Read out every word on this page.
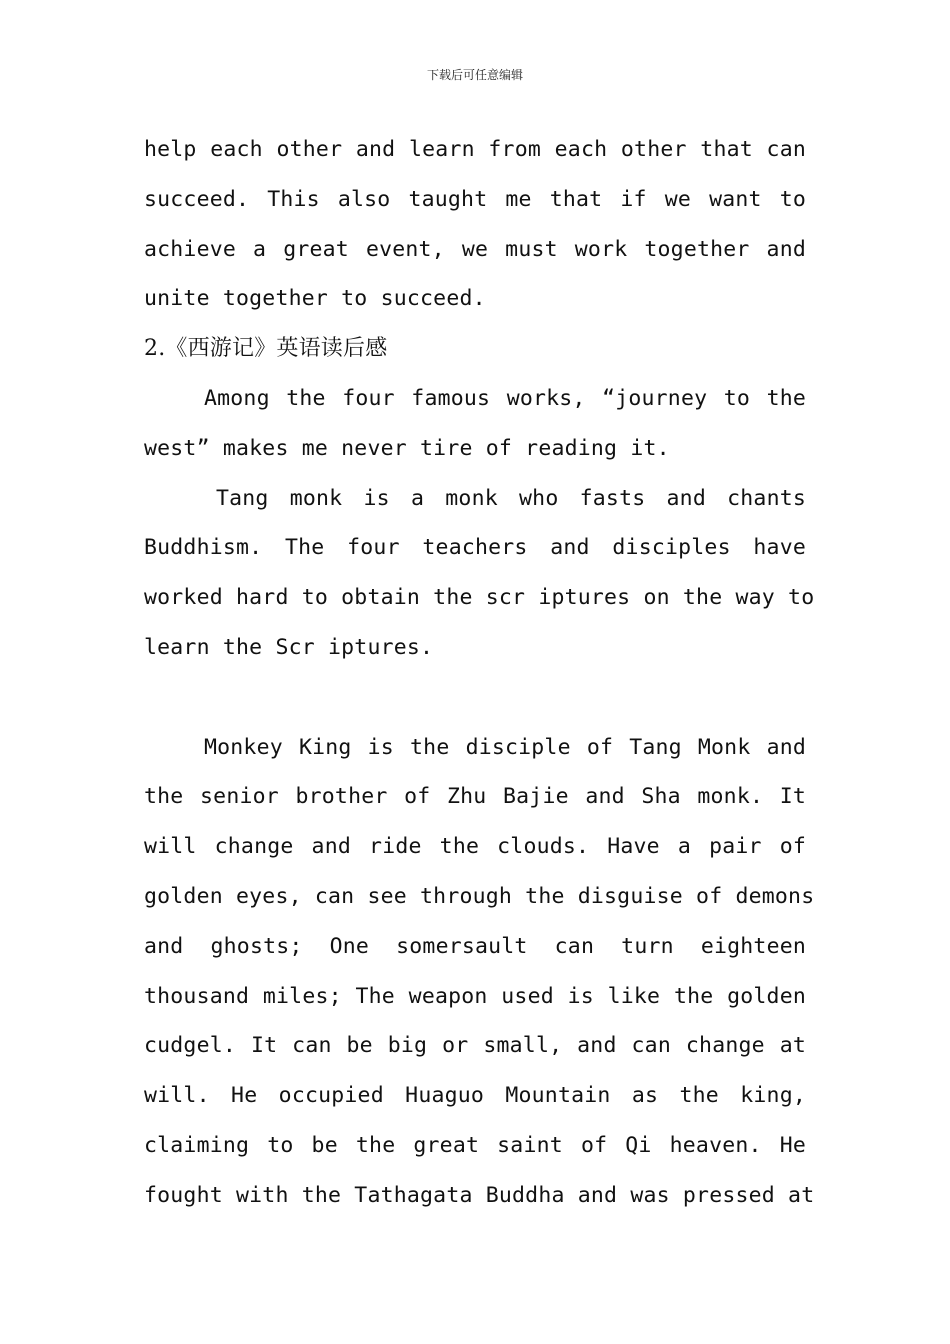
下载后可任意编辑
help each other and learn from each other that can
succeed. This also taught me that if we want to
achieve a great event, we must work together and
unite together to succeed.
2.《西游记》英语读后感
Among the four famous works, “journey to the
west” makes me never tire of reading it.
Tang monk is a monk who fasts and chants
Buddhism. The four teachers and disciples have
worked hard to obtain the scr iptures on the way to
learn the Scr iptures.
Monkey King is the disciple of Tang Monk and
the senior brother of Zhu Bajie and Sha monk. It
will change and ride the clouds. Have a pair of
golden eyes, can see through the disguise of demons
and ghosts; One somersault can turn eighteen
thousand miles; The weapon used is like the golden
cudgel. It can be big or small, and can change at
will. He occupied Huaguo Mountain as the king,
claiming to be the great saint of Qi heaven. He
fought with the Tathagata Buddha and was pressed at
